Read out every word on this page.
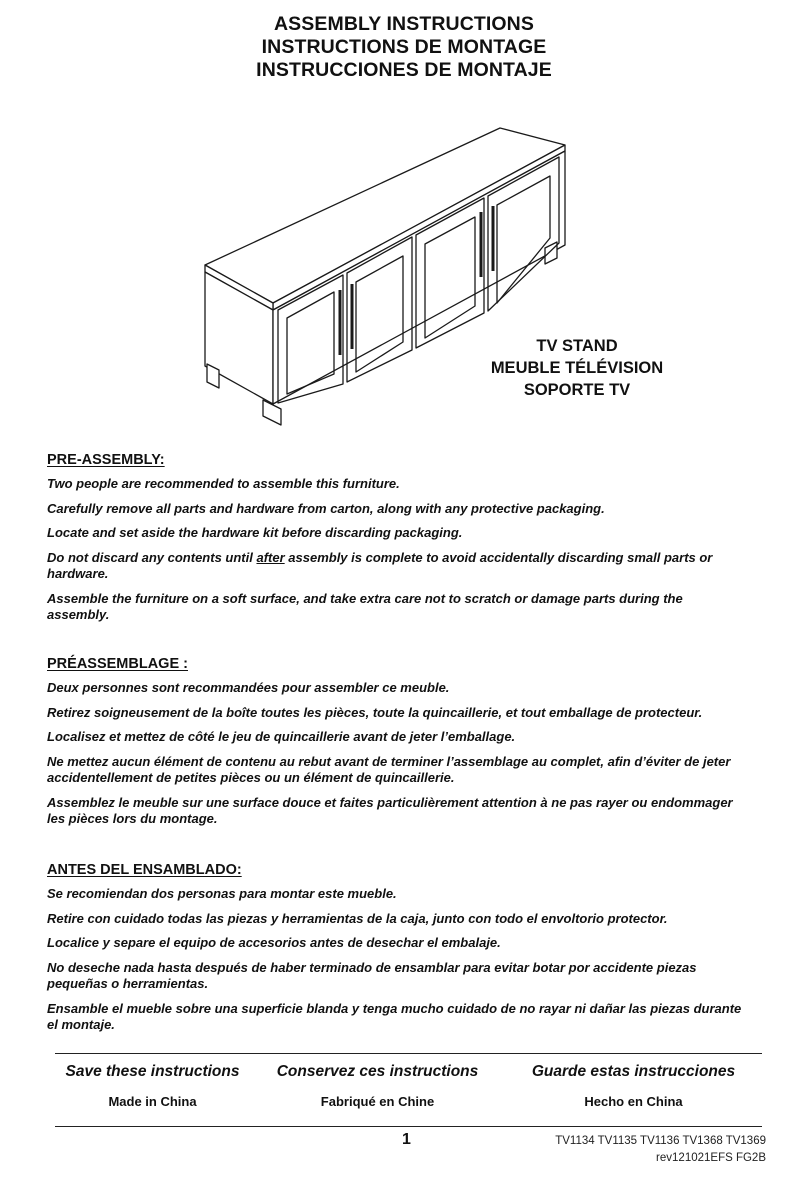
ASSEMBLY INSTRUCTIONS
INSTRUCTIONS DE MONTAGE
INSTRUCCIONES DE MONTAJE
TV STAND
MEUBLE TÉLÉVISION
SOPORTE TV
PRE-ASSEMBLY:

Two people are recommended to assemble this furniture.

Carefully remove all parts and hardware from carton, along with any protective packaging.

Locate and set aside the hardware kit before discarding packaging.

Do not discard any contents until after assembly is complete to avoid accidentally discarding small parts or hardware.

Assemble the furniture on a soft surface, and take extra care not to scratch or damage parts during the assembly.

PRÉASSEMBLAGE :

Deux personnes sont recommandées pour assembler ce meuble.

Retirez soigneusement de la boîte toutes les pièces, toute la quincaillerie, et tout emballage de protecteur.

Localisez et mettez de côté le jeu de quincaillerie avant de jeter l’emballage.

Ne mettez aucun élément de contenu au rebut avant de terminer l’assemblage au complet, afin d’éviter de jeter accidentellement de petites pièces ou un élément de quincaillerie.

Assemblez le meuble sur une surface douce et faites particulièrement attention à ne pas rayer ou endommager les pièces lors du montage.

ANTES DEL ENSAMBLADO:

Se recomiendan dos personas para montar este mueble.

Retire con cuidado todas las piezas y herramientas de la caja, junto con todo el envoltorio protector.

Localice y separe el equipo de accesorios antes de desechar el embalaje.

No deseche nada hasta después de haber terminado de ensamblar para evitar botar por accidente piezas pequeñas o herramientas.

Ensamble el mueble sobre una superficie blanda y tenga mucho cuidado de no rayar ni dañar las piezas durante el montaje.

Save these instructions	Conservez ces instructions	Guarde estas instrucciones
Made in China	Fabriqué en Chine	Hecho en China
1	TV1134 TV1135 TV1136 TV1368 TV1369
rev121021EFS FG2B
